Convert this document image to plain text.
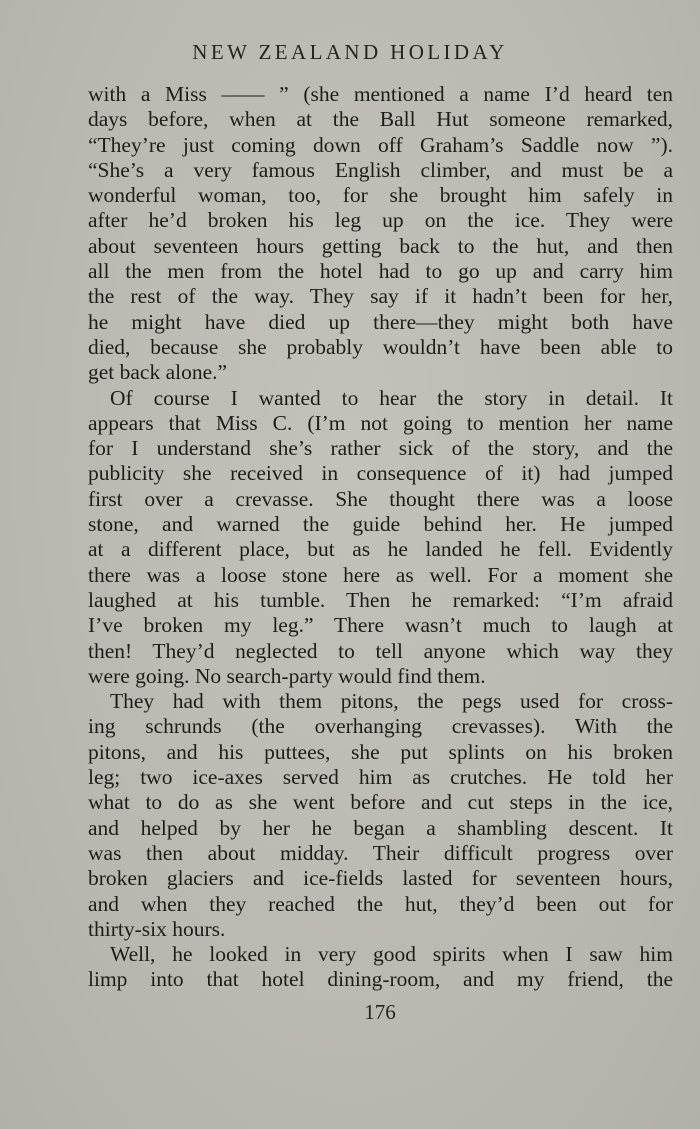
NEW ZEALAND HOLIDAY
with a Miss —— ” (she mentioned a name I’d heard ten
days before, when at the Ball Hut someone remarked,
“They’re just coming down off Graham’s Saddle now ”).
“She’s a very famous English climber, and must be a
wonderful woman, too, for she brought him safely in
after he’d broken his leg up on the ice. They were
about seventeen hours getting back to the hut, and then
all the men from the hotel had to go up and carry him
the rest of the way. They say if it hadn’t been for her,
he might have died up there—they might both have
died, because she probably wouldn’t have been able to
get back alone.”
Of course I wanted to hear the story in detail. It
appears that Miss C. (I’m not going to mention her name
for I understand she’s rather sick of the story, and the
publicity she received in consequence of it) had jumped
first over a crevasse. She thought there was a loose
stone, and warned the guide behind her. He jumped
at a different place, but as he landed he fell. Evidently
there was a loose stone here as well. For a moment she
laughed at his tumble. Then he remarked: “I’m afraid
I’ve broken my leg.” There wasn’t much to laugh at
then! They’d neglected to tell anyone which way they
were going. No search-party would find them.
They had with them pitons, the pegs used for cross-
ing schrunds (the overhanging crevasses). With the
pitons, and his puttees, she put splints on his broken
leg; two ice-axes served him as crutches. He told her
what to do as she went before and cut steps in the ice,
and helped by her he began a shambling descent. It
was then about midday. Their difficult progress over
broken glaciers and ice-fields lasted for seventeen hours,
and when they reached the hut, they’d been out for
thirty-six hours.
Well, he looked in very good spirits when I saw him
limp into that hotel dining-room, and my friend, the
176
